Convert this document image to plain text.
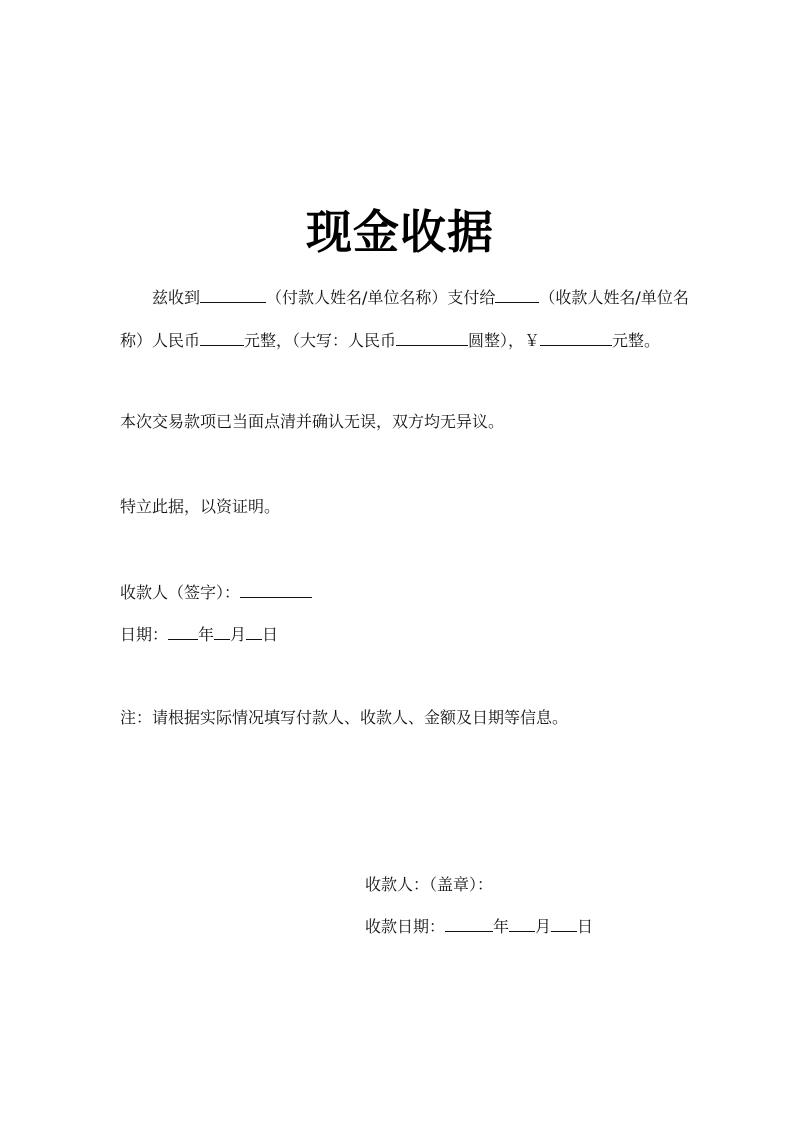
现金收据
兹收到	（付款人姓名/单位名称）支付给	（收款人姓名/单位名
称）人民币	元整，（大写：人民币	圆整），￥	元整。
本次交易款项已当面点清并确认无误，双方均无异议。
特立此据，以资证明。
收款人（签字）：
日期： 年 月 日
注：请根据实际情况填写付款人、收款人、金额及日期等信息。
收款人：（盖章）：
收款日期：	年 月 日
